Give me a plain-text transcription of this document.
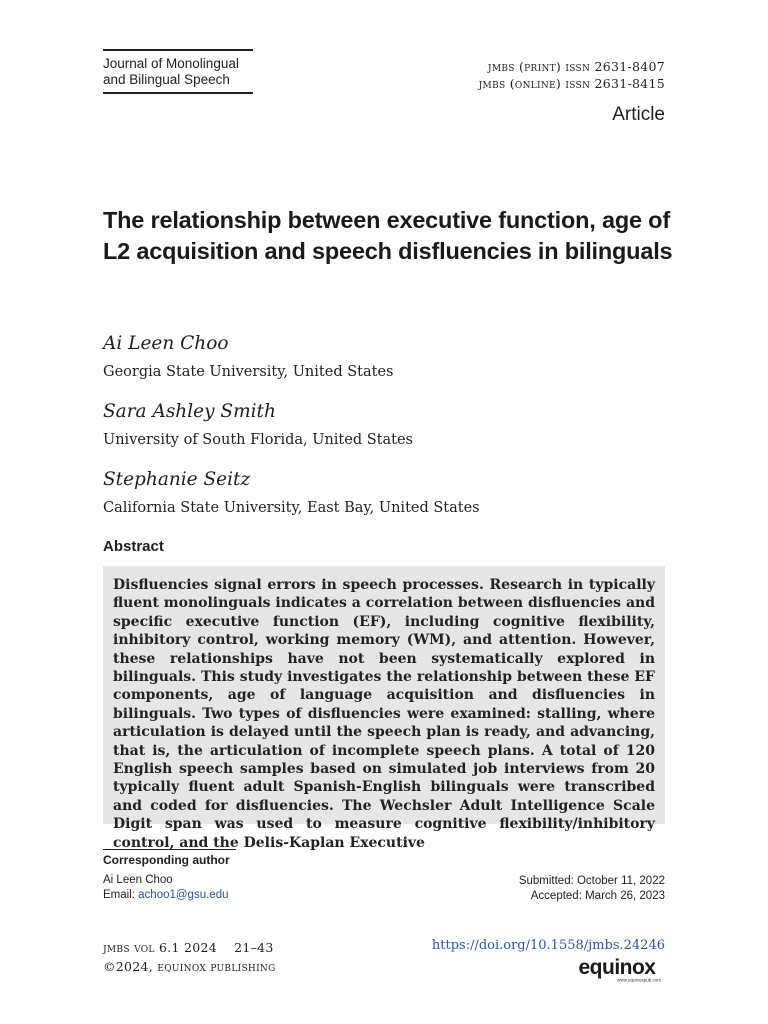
Journal of Monolingual
and Bilingual Speech
jmbs (print) issn 2631-8407
jmbs (online) issn 2631-8415
Article
The relationship between executive function, age of L2 acquisition and speech disfluencies in bilinguals
Ai Leen Choo
Georgia State University, United States
Sara Ashley Smith
University of South Florida, United States
Stephanie Seitz
California State University, East Bay, United States
Abstract

Disfluencies signal errors in speech processes. Research in typically fluent monolinguals indicates a correlation between disfluencies and specific executive function (EF), including cognitive flexibility, inhibitory control, working memory (WM), and attention. However, these relationships have not been systematically explored in bilinguals. This study investigates the relationship between these EF components, age of language acquisition and disfluencies in bilinguals. Two types of disfluencies were examined: stalling, where articulation is delayed until the speech plan is ready, and advancing, that is, the articulation of incomplete speech plans. A total of 120 English speech samples based on simulated job interviews from 20 typically fluent adult Spanish-English bilinguals were transcribed and coded for disfluencies. The Wechsler Adult Intelligence Scale Digit span was used to measure cognitive flexibility/inhibitory control, and the Delis-Kaplan Executive

Corresponding author
Ai Leen Choo
Email: achoo1@gsu.edu
Submitted: October 11, 2022
Accepted: March 26, 2023
jmbs vol 6.1 2024 21–43
©2024, equinox publishing
https://doi.org/10.1558/jmbs.24246
equinox
www.equinoxpub.com
